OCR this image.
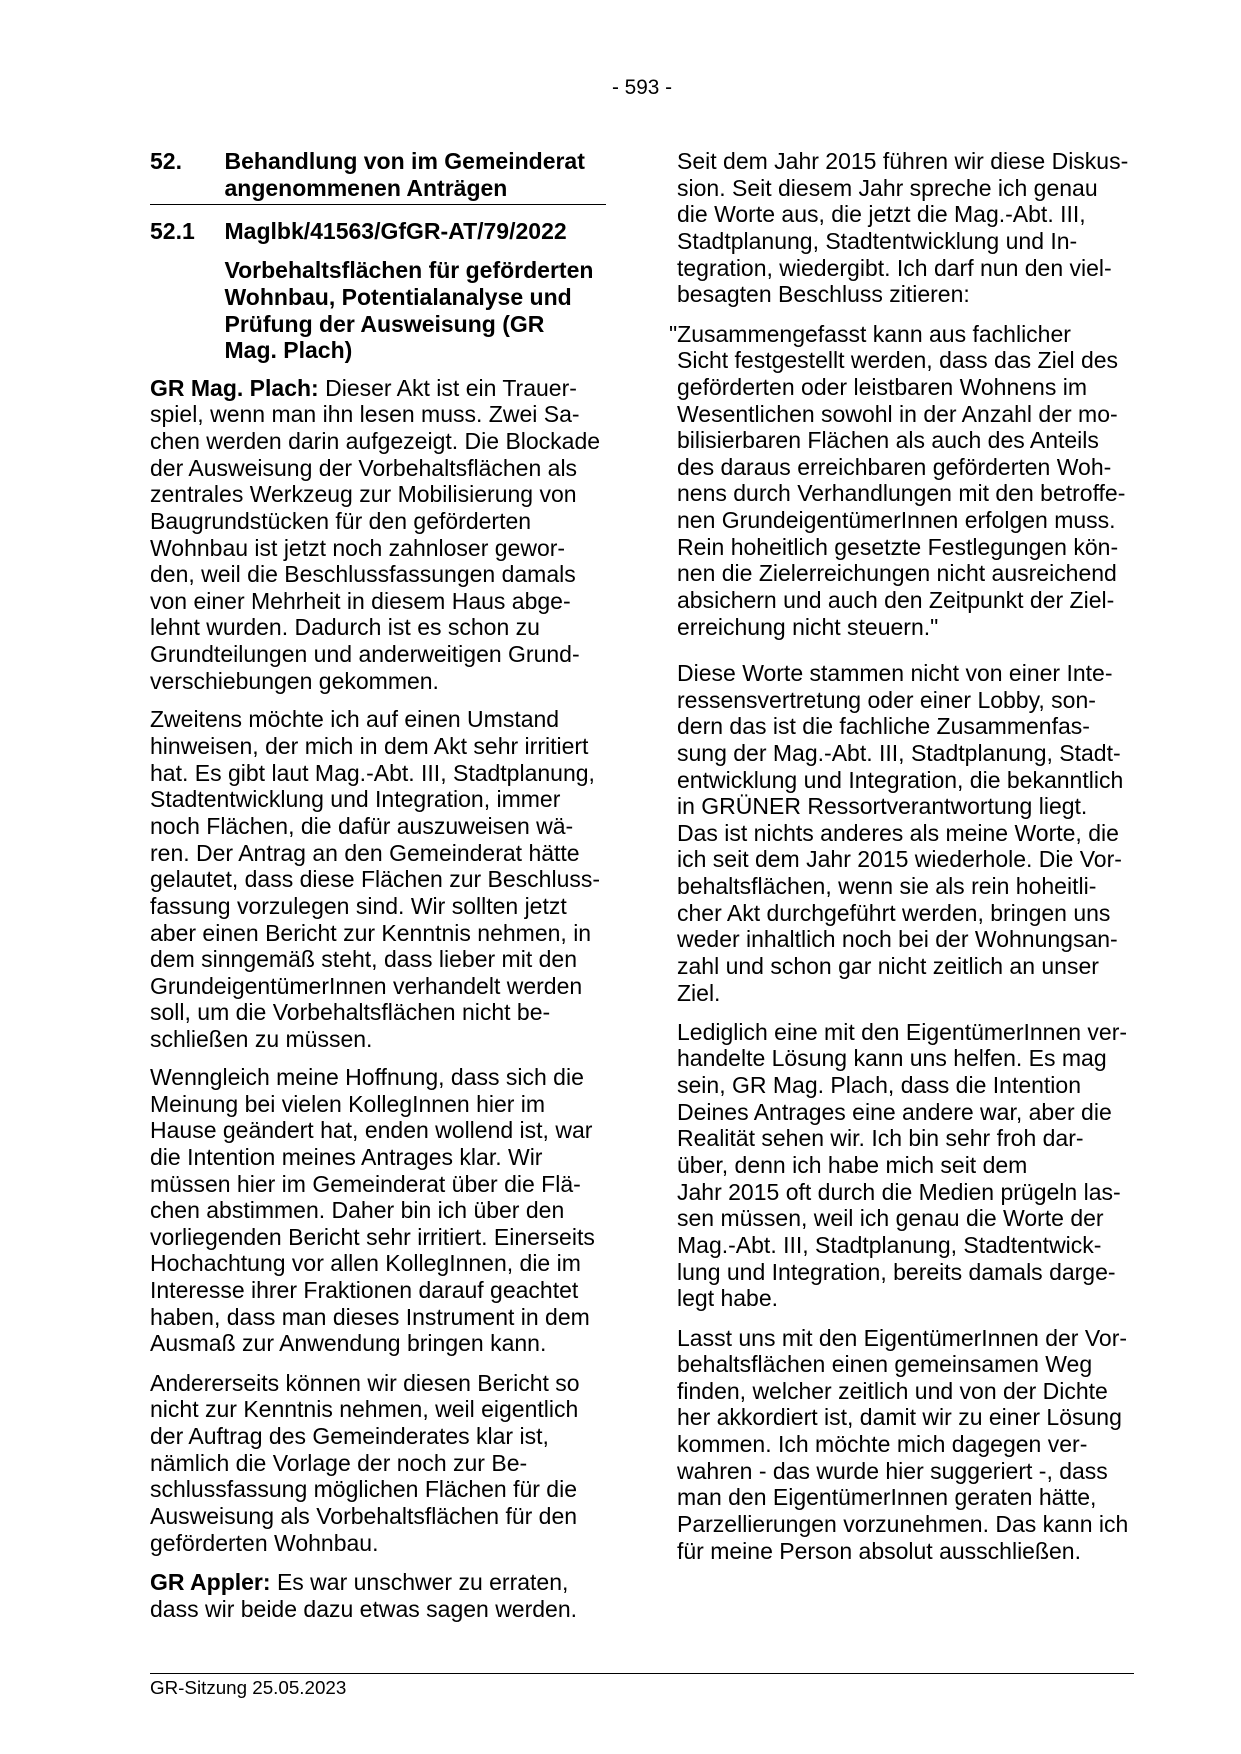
- 593 -
52. Behandlung von im Gemeinderat
angenommenen Anträgen
52.1 Maglbk/41563/GfGR-AT/79/2022
Vorbehaltsflächen für geförderten
Wohnbau, Potentialanalyse und
Prüfung der Ausweisung (GR
Mag. Plach)
GR Mag. Plach: Dieser Akt ist ein Trauer-
spiel, wenn man ihn lesen muss. Zwei Sa-
chen werden darin aufgezeigt. Die Blockade
der Ausweisung der Vorbehaltsflächen als
zentrales Werkzeug zur Mobilisierung von
Baugrundstücken für den geförderten
Wohnbau ist jetzt noch zahnloser gewor-
den, weil die Beschlussfassungen damals
von einer Mehrheit in diesem Haus abge-
lehnt wurden. Dadurch ist es schon zu
Grundteilungen und anderweitigen Grund-
verschiebungen gekommen.
Zweitens möchte ich auf einen Umstand
hinweisen, der mich in dem Akt sehr irritiert
hat. Es gibt laut Mag.-Abt. III, Stadtplanung,
Stadtentwicklung und Integration, immer
noch Flächen, die dafür auszuweisen wä-
ren. Der Antrag an den Gemeinderat hätte
gelautet, dass diese Flächen zur Beschluss-
fassung vorzulegen sind. Wir sollten jetzt
aber einen Bericht zur Kenntnis nehmen, in
dem sinngemäß steht, dass lieber mit den
GrundeigentümerInnen verhandelt werden
soll, um die Vorbehaltsflächen nicht be-
schließen zu müssen.
Wenngleich meine Hoffnung, dass sich die
Meinung bei vielen KollegInnen hier im
Hause geändert hat, enden wollend ist, war
die Intention meines Antrages klar. Wir
müssen hier im Gemeinderat über die Flä-
chen abstimmen. Daher bin ich über den
vorliegenden Bericht sehr irritiert. Einerseits
Hochachtung vor allen KollegInnen, die im
Interesse ihrer Fraktionen darauf geachtet
haben, dass man dieses Instrument in dem
Ausmaß zur Anwendung bringen kann.
Andererseits können wir diesen Bericht so
nicht zur Kenntnis nehmen, weil eigentlich
der Auftrag des Gemeinderates klar ist,
nämlich die Vorlage der noch zur Be-
schlussfassung möglichen Flächen für die
Ausweisung als Vorbehaltsflächen für den
geförderten Wohnbau.
GR Appler: Es war unschwer zu erraten,
dass wir beide dazu etwas sagen werden.
Seit dem Jahr 2015 führen wir diese Diskus-
sion. Seit diesem Jahr spreche ich genau
die Worte aus, die jetzt die Mag.-Abt. III,
Stadtplanung, Stadtentwicklung und In-
tegration, wiedergibt. Ich darf nun den viel-
besagten Beschluss zitieren:
"Zusammengefasst kann aus fachlicher
Sicht festgestellt werden, dass das Ziel des
geförderten oder leistbaren Wohnens im
Wesentlichen sowohl in der Anzahl der mo-
bilisierbaren Flächen als auch des Anteils
des daraus erreichbaren geförderten Woh-
nens durch Verhandlungen mit den betroffe-
nen GrundeigentümerInnen erfolgen muss.
Rein hoheitlich gesetzte Festlegungen kön-
nen die Zielerreichungen nicht ausreichend
absichern und auch den Zeitpunkt der Ziel-
erreichung nicht steuern."
Diese Worte stammen nicht von einer Inte-
ressensvertretung oder einer Lobby, son-
dern das ist die fachliche Zusammenfas-
sung der Mag.-Abt. III, Stadtplanung, Stadt-
entwicklung und Integration, die bekanntlich
in GRÜNER Ressortverantwortung liegt.
Das ist nichts anderes als meine Worte, die
ich seit dem Jahr 2015 wiederhole. Die Vor-
behaltsflächen, wenn sie als rein hoheitli-
cher Akt durchgeführt werden, bringen uns
weder inhaltlich noch bei der Wohnungsan-
zahl und schon gar nicht zeitlich an unser
Ziel.
Lediglich eine mit den EigentümerInnen ver-
handelte Lösung kann uns helfen. Es mag
sein, GR Mag. Plach, dass die Intention
Deines Antrages eine andere war, aber die
Realität sehen wir. Ich bin sehr froh dar-
über, denn ich habe mich seit dem
Jahr 2015 oft durch die Medien prügeln las-
sen müssen, weil ich genau die Worte der
Mag.-Abt. III, Stadtplanung, Stadtentwick-
lung und Integration, bereits damals darge-
legt habe.
Lasst uns mit den EigentümerInnen der Vor-
behaltsflächen einen gemeinsamen Weg
finden, welcher zeitlich und von der Dichte
her akkordiert ist, damit wir zu einer Lösung
kommen. Ich möchte mich dagegen ver-
wahren - das wurde hier suggeriert -, dass
man den EigentümerInnen geraten hätte,
Parzellierungen vorzunehmen. Das kann ich
für meine Person absolut ausschließen.
GR-Sitzung 25.05.2023
